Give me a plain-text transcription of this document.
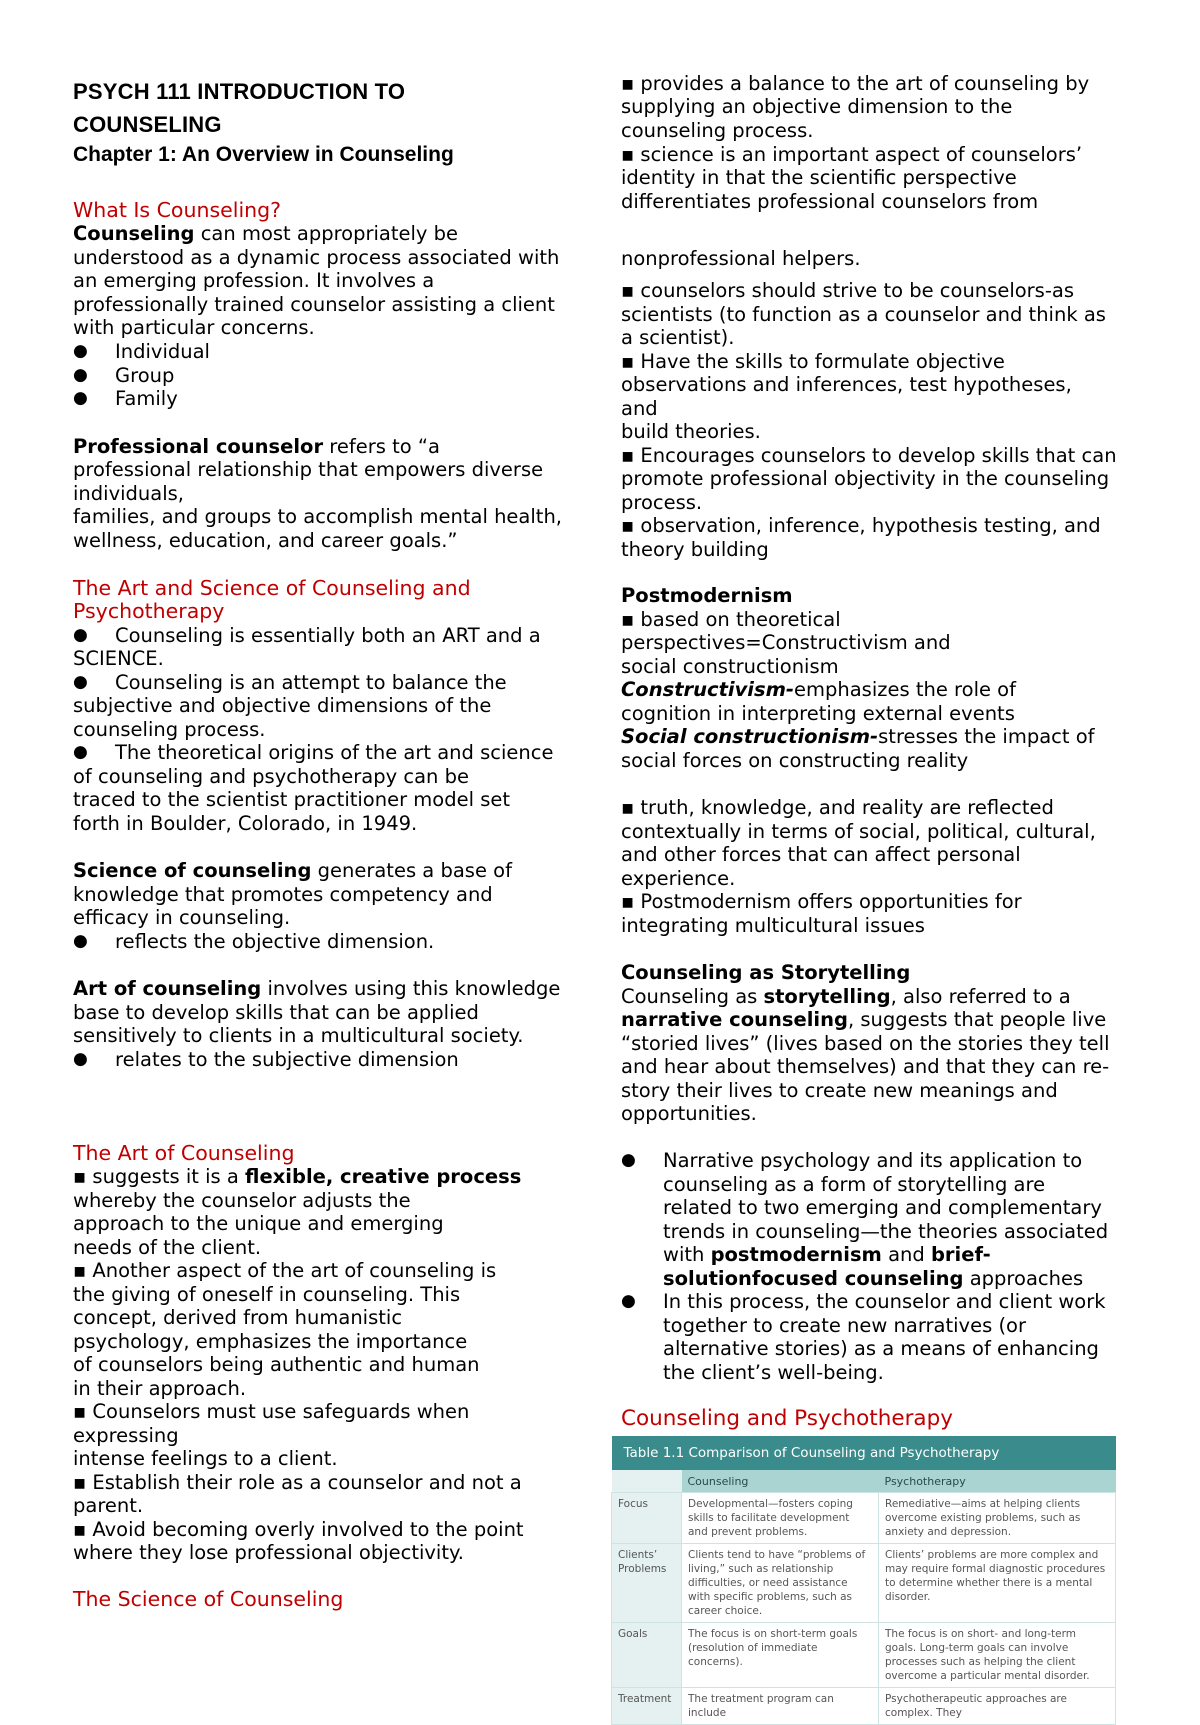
PSYCH 111 INTRODUCTION TO
COUNSELING
Chapter 1: An Overview in Counseling
What Is Counseling?
Counseling can most appropriately be
understood as a dynamic process associated with
an emerging profession. It involves a
professionally trained counselor assisting a client
with particular concerns.
● Individual
● Group
● Family
Professional counselor refers to “a
professional relationship that empowers diverse
individuals,
families, and groups to accomplish mental health,
wellness, education, and career goals.”
The Art and Science of Counseling and
Psychotherapy
● Counseling is essentially both an ART and a
SCIENCE.
● Counseling is an attempt to balance the
subjective and objective dimensions of the
counseling process.
● The theoretical origins of the art and science
of counseling and psychotherapy can be
traced to the scientist practitioner model set
forth in Boulder, Colorado, in 1949.
Science of counseling generates a base of
knowledge that promotes competency and
efficacy in counseling.
● reflects the objective dimension.
Art of counseling involves using this knowledge
base to develop skills that can be applied
sensitively to clients in a multicultural society.
● relates to the subjective dimension
The Art of Counseling
▪ suggests it is a flexible, creative process
whereby the counselor adjusts the
approach to the unique and emerging
needs of the client.
▪ Another aspect of the art of counseling is
the giving of oneself in counseling. This
concept, derived from humanistic
psychology, emphasizes the importance
of counselors being authentic and human
in their approach.
▪ Counselors must use safeguards when
expressing
intense feelings to a client.
▪ Establish their role as a counselor and not a
parent.
▪ Avoid becoming overly involved to the point
where they lose professional objectivity.
The Science of Counseling
▪ provides a balance to the art of counseling by
supplying an objective dimension to the
counseling process.
▪ science is an important aspect of counselors’
identity in that the scientific perspective
differentiates professional counselors from
nonprofessional helpers.
▪ counselors should strive to be counselors-as
scientists (to function as a counselor and think as
a scientist).
▪ Have the skills to formulate objective
observations and inferences, test hypotheses,
and
build theories.
▪ Encourages counselors to develop skills that can
promote professional objectivity in the counseling
process.
▪ observation, inference, hypothesis testing, and
theory building
Postmodernism
▪ based on theoretical
perspectives=Constructivism and
social constructionism
Constructivism-emphasizes the role of
cognition in interpreting external events
Social constructionism-stresses the impact of
social forces on constructing reality
▪ truth, knowledge, and reality are reflected
contextually in terms of social, political, cultural,
and other forces that can affect personal
experience.
▪ Postmodernism offers opportunities for
integrating multicultural issues
Counseling as Storytelling
Counseling as storytelling, also referred to a
narrative counseling, suggests that people live
“storied lives” (lives based on the stories they tell
and hear about themselves) and that they can re-
story their lives to create new meanings and
opportunities.
● Narrative psychology and its application to
counseling as a form of storytelling are
related to two emerging and complementary
trends in counseling—the theories associated
with postmodernism and brief-
solutionfocused counseling approaches
● In this process, the counselor and client work
together to create new narratives (or
alternative stories) as a means of enhancing
the client’s well-being.
Counseling and Psychotherapy
Table 1.1 Comparison of Counseling and Psychotherapy		
	Counseling	Psychotherapy
Focus	Developmental—fosters coping skills to facilitate development and prevent problems.	Remediative—aims at helping clients overcome existing problems, such as anxiety and depression.
Clients’ Problems	Clients tend to have “problems of living,” such as relationship difficulties, or need assistance with specific problems, such as career choice.	Clients’ problems are more complex and may require formal diagnostic procedures to determine whether there is a mental disorder.
Goals	The focus is on short-term goals (resolution of immediate concerns).	The focus is on short- and long-term goals. Long-term goals can involve processes such as helping the client overcome a particular mental disorder.
Treatment	The treatment program can include	Psychotherapeutic approaches are complex. They
